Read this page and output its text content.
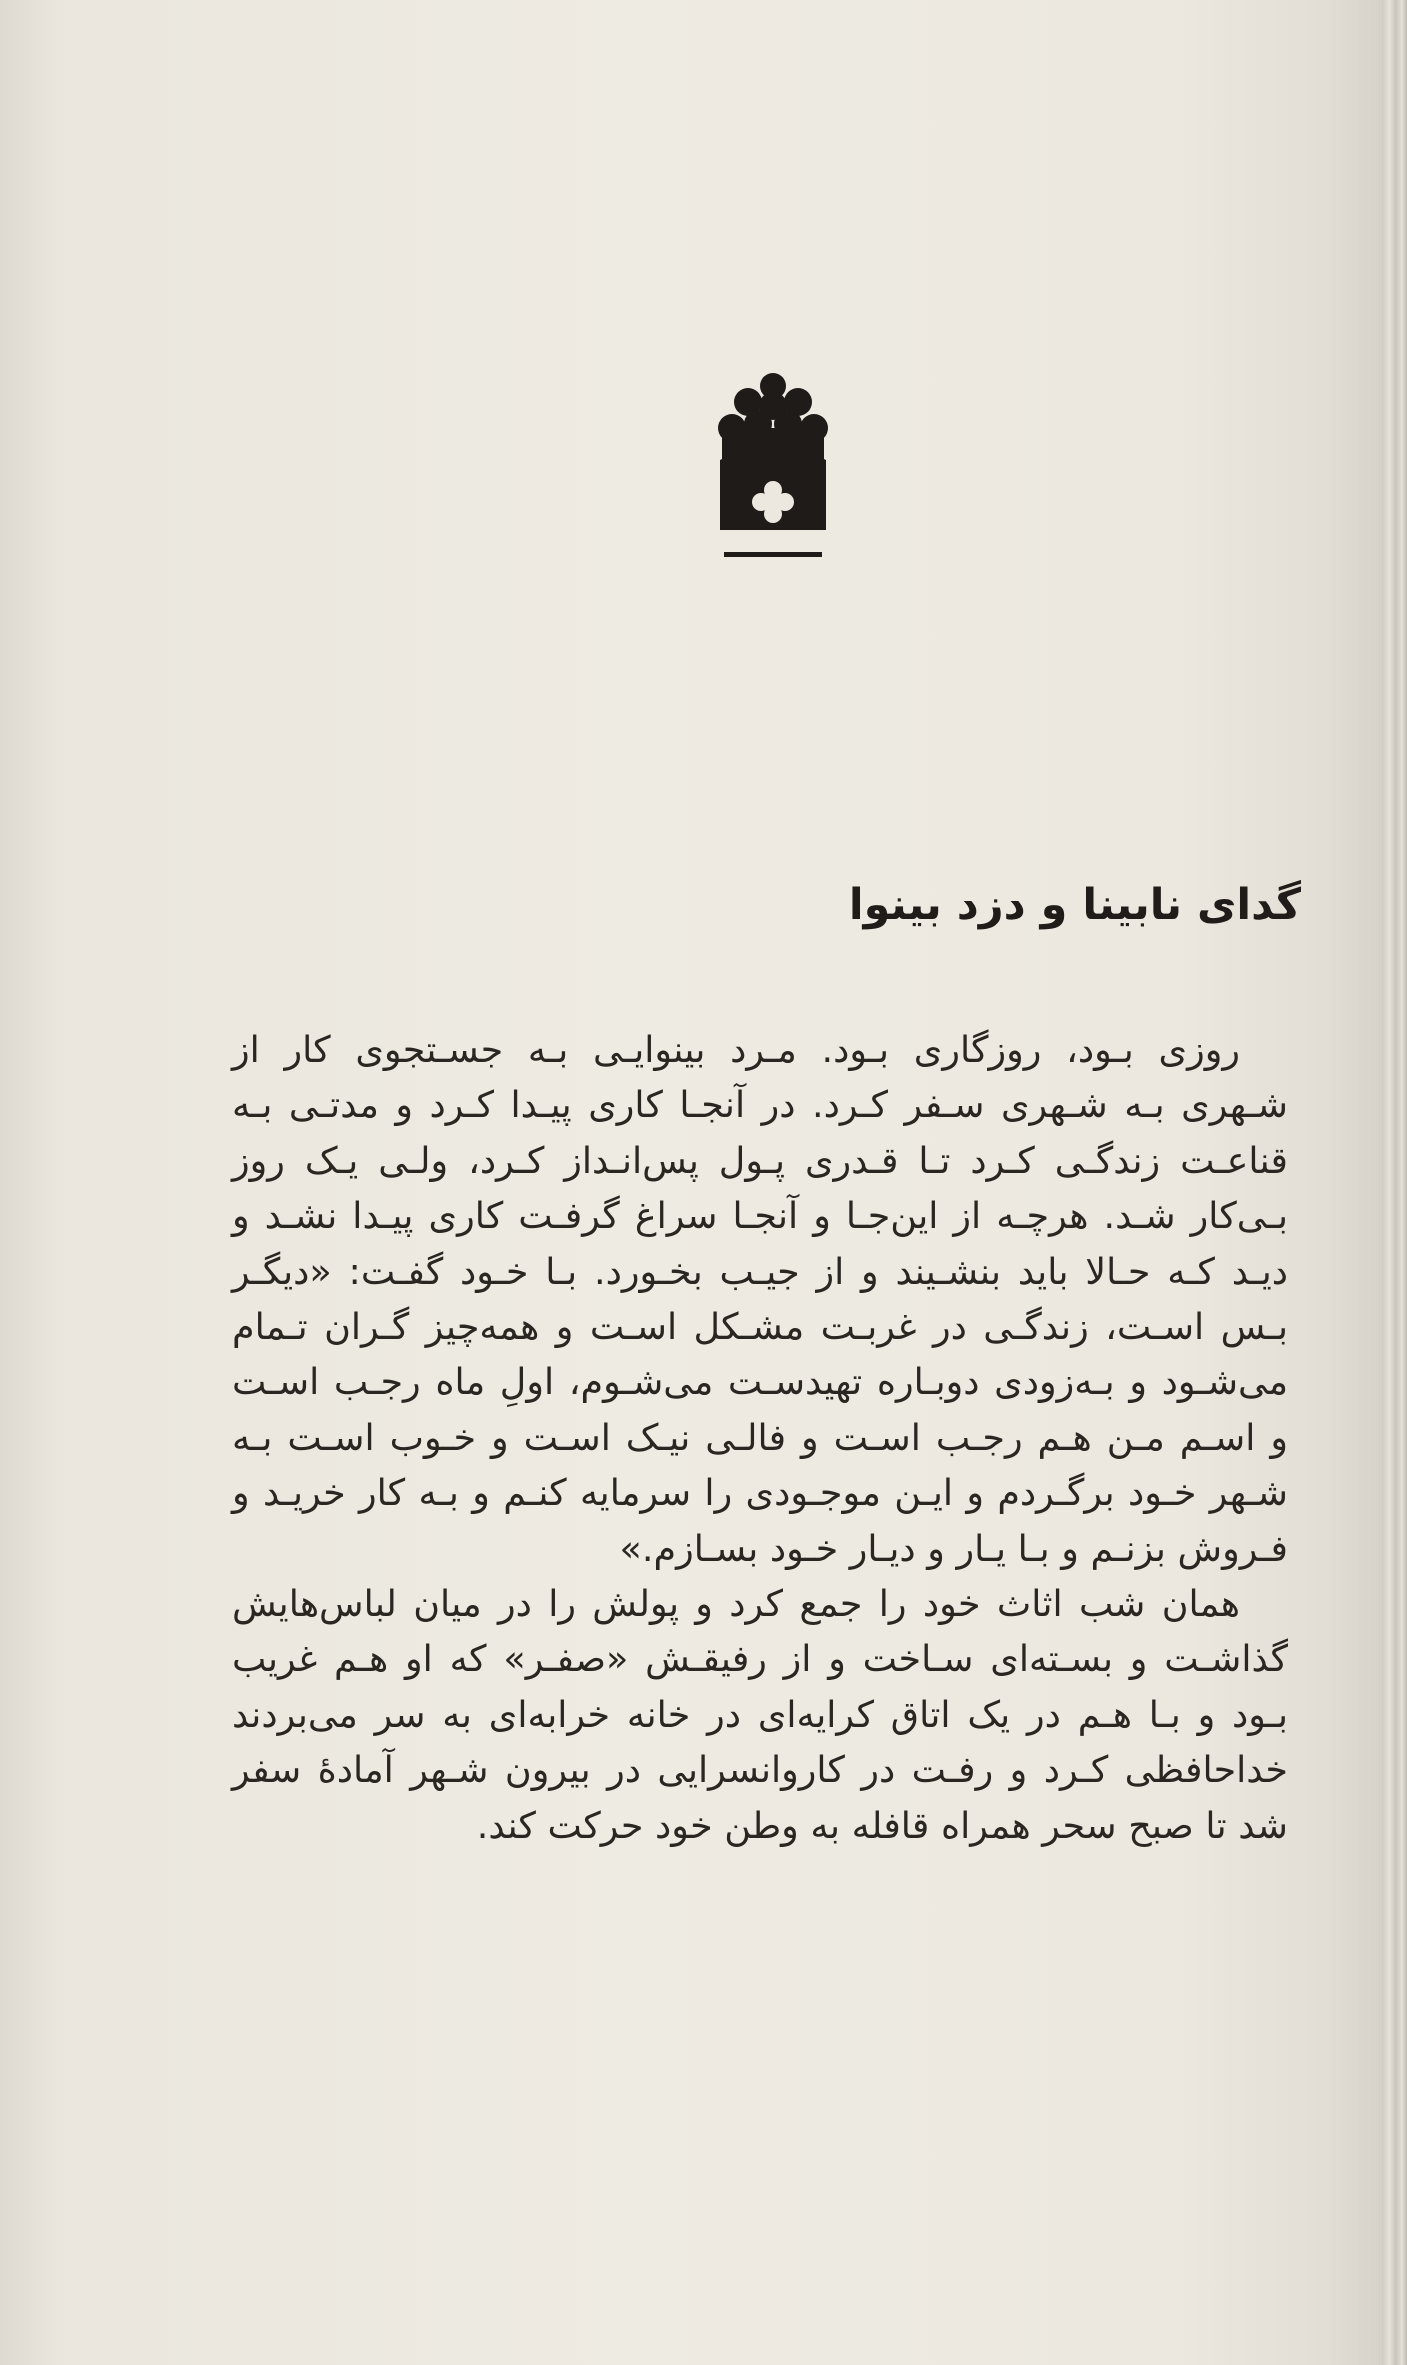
گدای نابینا و دزد بینوا

روزی بـود، روزگاری بـود. مـرد بینوایـی بـه جسـتجوی کار از شـهری بـه شـهری سـفر کـرد. در آنجـا کاری پیـدا کـرد و مدتـی بـه قناعـت زندگـی کـرد تـا قـدری پـول پس‌انـداز کـرد، ولـی یـک روز بـی‌کار شـد. هرچـه از این‌جـا و آنجـا سراغ گرفـت کاری پیـدا نشـد و دیـد کـه حـالا باید بنشـیند و از جیـب بخـورد. بـا خـود گفـت: «دیگـر بـس اسـت، زندگـی در غربـت مشـکل اسـت و همه‌چیز گـران تـمام می‌شـود و بـه‌زودی دوبـاره تهیدسـت می‌شـوم، اولِ ماه رجـب اسـت و اسـم مـن هـم رجـب اسـت و فالـی نیـک اسـت و خـوب اسـت بـه شـهر خـود برگـردم و ایـن موجـودی را سرمایه کنـم و بـه کار خریـد و فـروش بزنـم و بـا یـار و دیـار خـود بسـازم.»

همان شب اثاث خود را جمع کرد و پولش را در میان لباس‌هایش گذاشـت و بسـته‌ای سـاخت و از رفیقـش «صفـر» که او هـم غریب بـود و بـا هـم در یک اتاق کرایه‌ای در خانه خرابه‌ای به سر می‌بردند خداحافظی کـرد و رفـت در کاروانسرایی در بیرون شـهر آمادۀ سفر شد تا صبح سحر همراه قافله به وطن خود حرکت کند.
